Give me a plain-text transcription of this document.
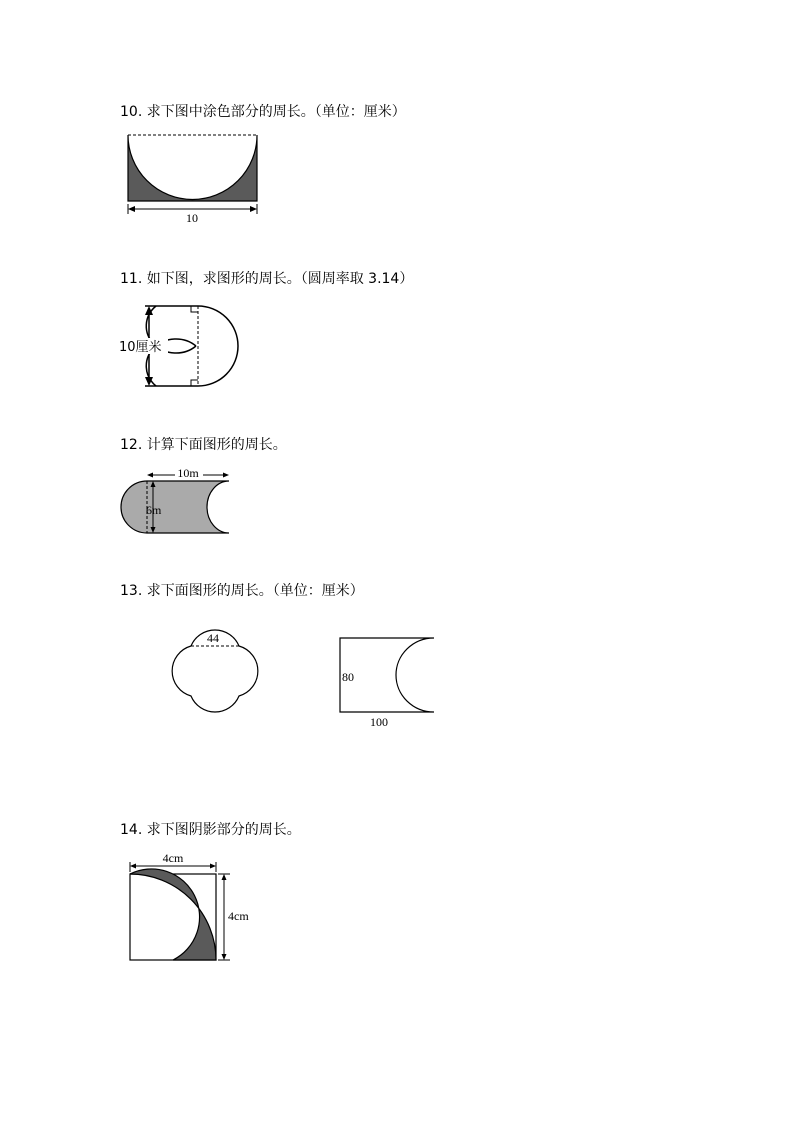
10. 求下图中涂色部分的周长。（单位：厘米）
10
11. 如下图，求图形的周长。（圆周率取 3.14）
10厘米
12. 计算下面图形的周长。
10m
6m
13. 求下面图形的周长。（单位：厘米）
44
80
100
14. 求下图阴影部分的周长。
4cm
4cm
